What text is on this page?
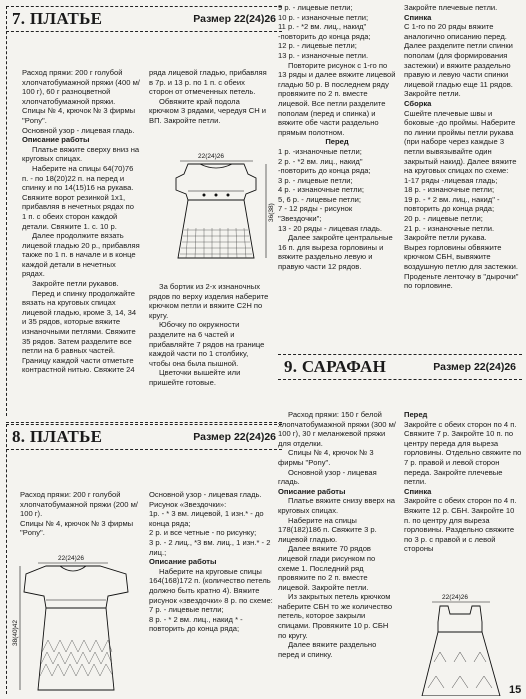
7. ПЛАТЬЕ	Размер 22(24)26

Расход пряжи: 200 г голубой хлопчатобумажной пряжи (400 м/ 100 г), 60 г разноцветной хлопчатобумажной пряжи.

Спицы № 4, крючок № 3 фирмы "Pony".

Основной узор - лицевая гладь.

Описание работы

Платье вяжите сверху вниз на круговых спицах.

Наберите на спицы 64(70)76 п. - по 18(20)22 п. на перед и спинку и по 14(15)16 на рукава. Свяжите ворот резинкой 1х1, прибавляя в нечетных рядах по 1 п. с обеих сторон каждой детали. Свяжите 1. с. 10 р.

Далее продолжите вязать лицевой гладью 20 р., прибавляя также по 1 п. в начале и в конце каждой детали в нечетных рядах.

Закройте петли рукавов.

Перед и спинку продолжайте вязать на круговых спицах лицевой гладью, кроме 3, 14, 34 и 35 рядов, которые вяжите изнаночными петлями. Свяжите 35 рядов. Затем разделите все петли на 6 равных частей. Границу каждой части отметьте контрастной нитью. Свяжите 24

ряда лицевой гладью, прибавляя в 7р. и 13 р. по 1 п. с обеих сторон от отмеченных петель.

Обвяжите край подола крючком 3 рядами, чередуя СН и ВП. Закройте петли.

22(24)26
36(38)

За бортик из 2-х изнаночных рядов по верху изделия наберите крючком петли и вяжите С2Н по кругу.

Юбочку по окружности разделите на 6 частей и прибавляйте 7 рядов на границе каждой части по 1 столбику, чтобы она была пышной.

Цветочки вышейте или пришейте готовые.

9 р. - лицевые петли;

10 р. - изнаночные петли;

11 р. - *2 вм. лиц., накид" -повторить до конца ряда;

12 р. - лицевые петли;

13 р. - изнаночные петли.

Повторите рисунок с 1-го по 13 ряды и далее вяжите лицевой гладью 50 р. В последнем ряду провяжите по 2 п. вместе лицевой. Все петли разделите пополам (перед и спинка) и вяжите обе части раздельно прямым полотном.

Перед

1 р. -изнаночные петли;

2 р. - *2 вм. лиц., накид" -повторить до конца ряда;

3 р. - лицевые петли;

4 р. - изнаночные петли;

5, 6 р. - лицевые петли;

7 - 12 ряды - рисунок "Звездочки";

13 - 20 ряды - лицевая гладь.

Далее закройте центральные 16 п. для выреза горловины и вяжите раздельно левую и правую части 12 рядов.

Закройте плечевые петли.

Спинка

С 1-го по 20 ряды вяжите аналогично описанию перед. Далее разделите петли спинки пополам (для формирования застежки) и вяжите раздельно правую и левую части спинки лицевой гладью еще 11 рядов. Закройте петли.

Сборка

Сшейте плечевые швы и боковые -до проймы. Наберите по линии проймы петли рукава (при наборе через каждые 3 петли вывязывайте один закрытый накид). Далее вяжите на круговых спицах по схеме:

1-17 ряды -лицевая гладь;

18 р. - изнаночные петли;

19 р. - * 2 вм. лиц., накид" - повторить до конца ряда;

20 р. - лицевые петли;

21 р. - изнаночные петли.

Закройте петли рукава.

Вырез горловины обвяжите крючком СБН, вывяжите воздушную петлю для застежки. Проденьте ленточку в "дырочки" по горловине.

8. ПЛАТЬЕ	Размер 22(24)26

Расход пряжи: 200 г голубой хлопчатобумажной пряжи (200 м/ 100 г).

Спицы № 4, крючок № 3 фирмы "Pony".

22(24)26
38(40)42

Основной узор - лицевая гладь.

Рисунок «Звездочки»:

1р. - * 3 вм. лицевой, 1 изн.* - до конца ряда;

2 р. и все четные - по рисунку;

3 р. - 2 лиц., *3 вм. лиц., 1 изн.* - 2 лиц.;

Описание работы

Наберите на круговые спицы 164(168)172 п. (количество петель должно быть кратно 4). Вяжите рисунок «звездочки» 8 р. по схеме:

7 р. - лицевые петли;

8 р. - * 2 вм. лиц., накид * - повторить до конца ряда;

9. САРАФАН	Размер 22(24)26

Расход пряжи: 150 г белой хлопчатобумажной пряжи (300 м/ 100 г), 30 г меланжевой пряжи для отделки.

Спицы № 4, крючок № 3 фирмы "Pony".

Основной узор - лицевая гладь.

Описание работы

Платье вяжите снизу вверх на круговых спицах.

Наберите на спицы 178(182)186 п. Свяжите 3 р. лицевой гладью.

Далее вяжите 70 рядов лицевой глади рисунком по схеме 1. Последний ряд провяжите по 2 п. вместе лицевой. Закройте петли.

Из закрытых петель крючком наберите СБН то же количество петель, которое закрыли спицами. Провяжите 10 р. СБН по кругу.

Далее вяжите раздельно перед и спинку.

Перед

Закройте с обеих сторон по 4 п. Свяжите 7 р. Закройте 10 п. по центру переда для выреза горловины. Отдельно свяжите по 7 р. правой и левой сторон переда. Закройте плечевые петли.

Спинка

Закройте с обеих сторон по 4 п. Вяжите 12 р. СБН. Закройте 10 п. по центру для выреза горловины. Раздельно свяжите по 3 р. с правой и с левой стороны

22(24)26
15
